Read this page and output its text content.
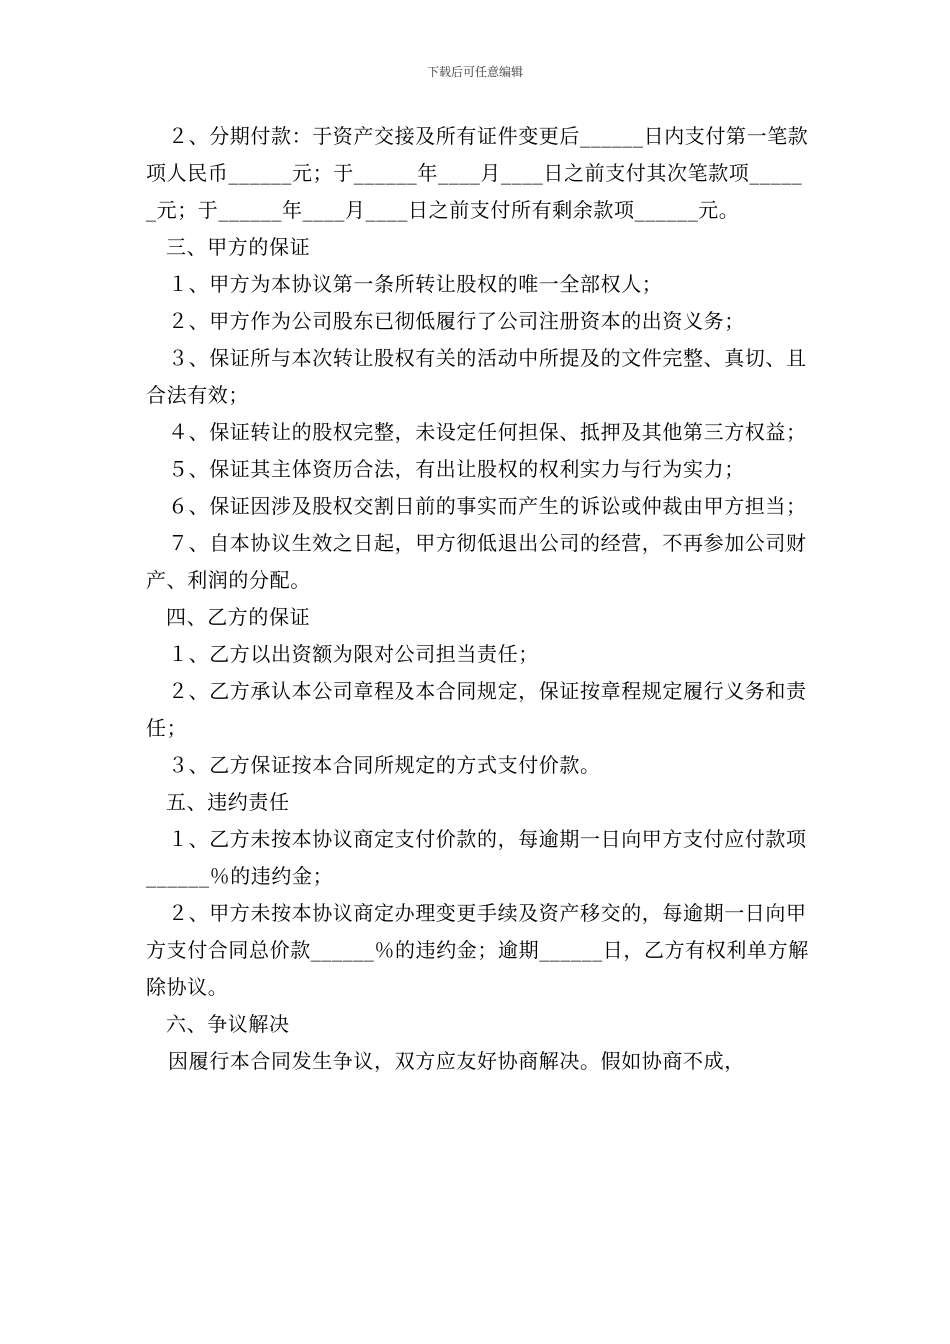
下载后可任意编辑

２、分期付款：于资产交接及所有证件变更后______日内支付第一笔款项人民币______元；于______年____月____日之前支付其次笔款项______元；于______年____月____日之前支付所有剩余款项______元。

三、甲方的保证

１、甲方为本协议第一条所转让股权的唯一全部权人；

２、甲方作为公司股东已彻低履行了公司注册资本的出资义务；

３、保证所与本次转让股权有关的活动中所提及的文件完整、真切、且合法有效；

４、保证转让的股权完整，未设定任何担保、抵押及其他第三方权益；

５、保证其主体资历合法，有出让股权的权利实力与行为实力；

６、保证因涉及股权交割日前的事实而产生的诉讼或仲裁由甲方担当；

７、自本协议生效之日起，甲方彻低退出公司的经营，不再参加公司财产、利润的分配。

四、乙方的保证

１、乙方以出资额为限对公司担当责任；

２、乙方承认本公司章程及本合同规定，保证按章程规定履行义务和责任；

３、乙方保证按本合同所规定的方式支付价款。

五、违约责任

１、乙方未按本协议商定支付价款的，每逾期一日向甲方支付应付款项______％的违约金；

２、甲方未按本协议商定办理变更手续及资产移交的，每逾期一日向甲方支付合同总价款______％的违约金；逾期______日，乙方有权利单方解除协议。

六、争议解决

因履行本合同发生争议，双方应友好协商解决。假如协商不成，
